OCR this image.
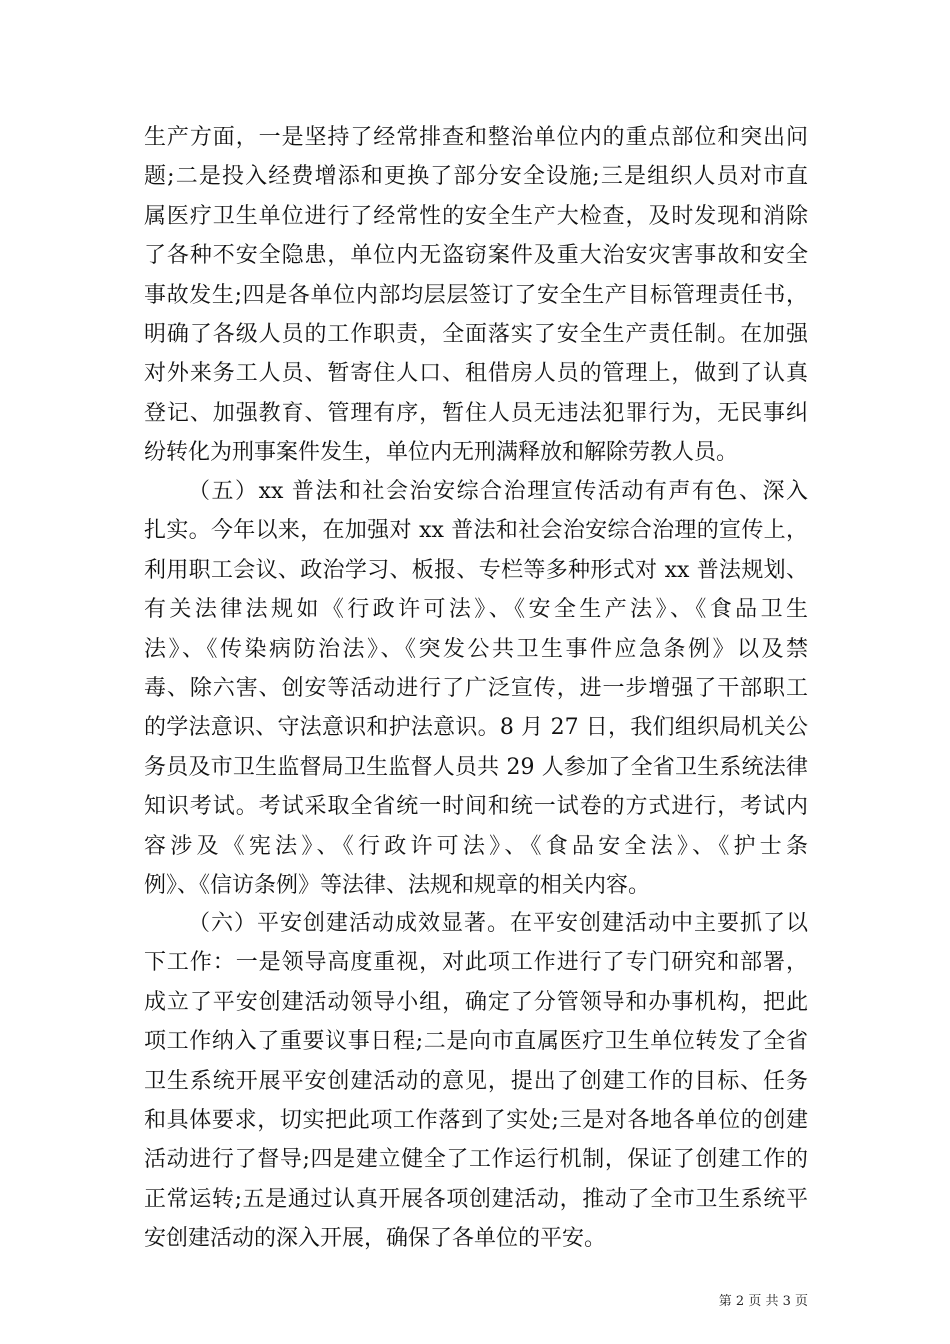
生产方面，一是坚持了经常排查和整治单位内的重点部位和突出问
题;二是投入经费增添和更换了部分安全设施;三是组织人员对市直
属医疗卫生单位进行了经常性的安全生产大检查，及时发现和消除
了各种不安全隐患，单位内无盗窃案件及重大治安灾害事故和安全
事故发生;四是各单位内部均层层签订了安全生产目标管理责任书，
明确了各级人员的工作职责，全面落实了安全生产责任制。在加强
对外来务工人员、暂寄住人口、租借房人员的管理上，做到了认真
登记、加强教育、管理有序，暂住人员无违法犯罪行为，无民事纠
纷转化为刑事案件发生，单位内无刑满释放和解除劳教人员。
（五）xx 普法和社会治安综合治理宣传活动有声有色、深入
扎实。今年以来，在加强对 xx 普法和社会治安综合治理的宣传上，
利用职工会议、政治学习、板报、专栏等多种形式对 xx 普法规划、
有关法律法规如《行政许可法》、《安全生产法》、《食品卫生
法》、《传染病防治法》、《突发公共卫生事件应急条例》以及禁
毒、除六害、创安等活动进行了广泛宣传，进一步增强了干部职工
的学法意识、守法意识和护法意识。8 月 27 日，我们组织局机关公
务员及市卫生监督局卫生监督人员共 29 人参加了全省卫生系统法律
知识考试。考试采取全省统一时间和统一试卷的方式进行，考试内
容涉及《宪法》、《行政许可法》、《食品安全法》、《护士条
例》、《信访条例》等法律、法规和规章的相关内容。
（六）平安创建活动成效显著。在平安创建活动中主要抓了以
下工作：一是领导高度重视，对此项工作进行了专门研究和部署，
成立了平安创建活动领导小组，确定了分管领导和办事机构，把此
项工作纳入了重要议事日程;二是向市直属医疗卫生单位转发了全省
卫生系统开展平安创建活动的意见，提出了创建工作的目标、任务
和具体要求，切实把此项工作落到了实处;三是对各地各单位的创建
活动进行了督导;四是建立健全了工作运行机制，保证了创建工作的
正常运转;五是通过认真开展各项创建活动，推动了全市卫生系统平
安创建活动的深入开展，确保了各单位的平安。
第 2 页 共 3 页
